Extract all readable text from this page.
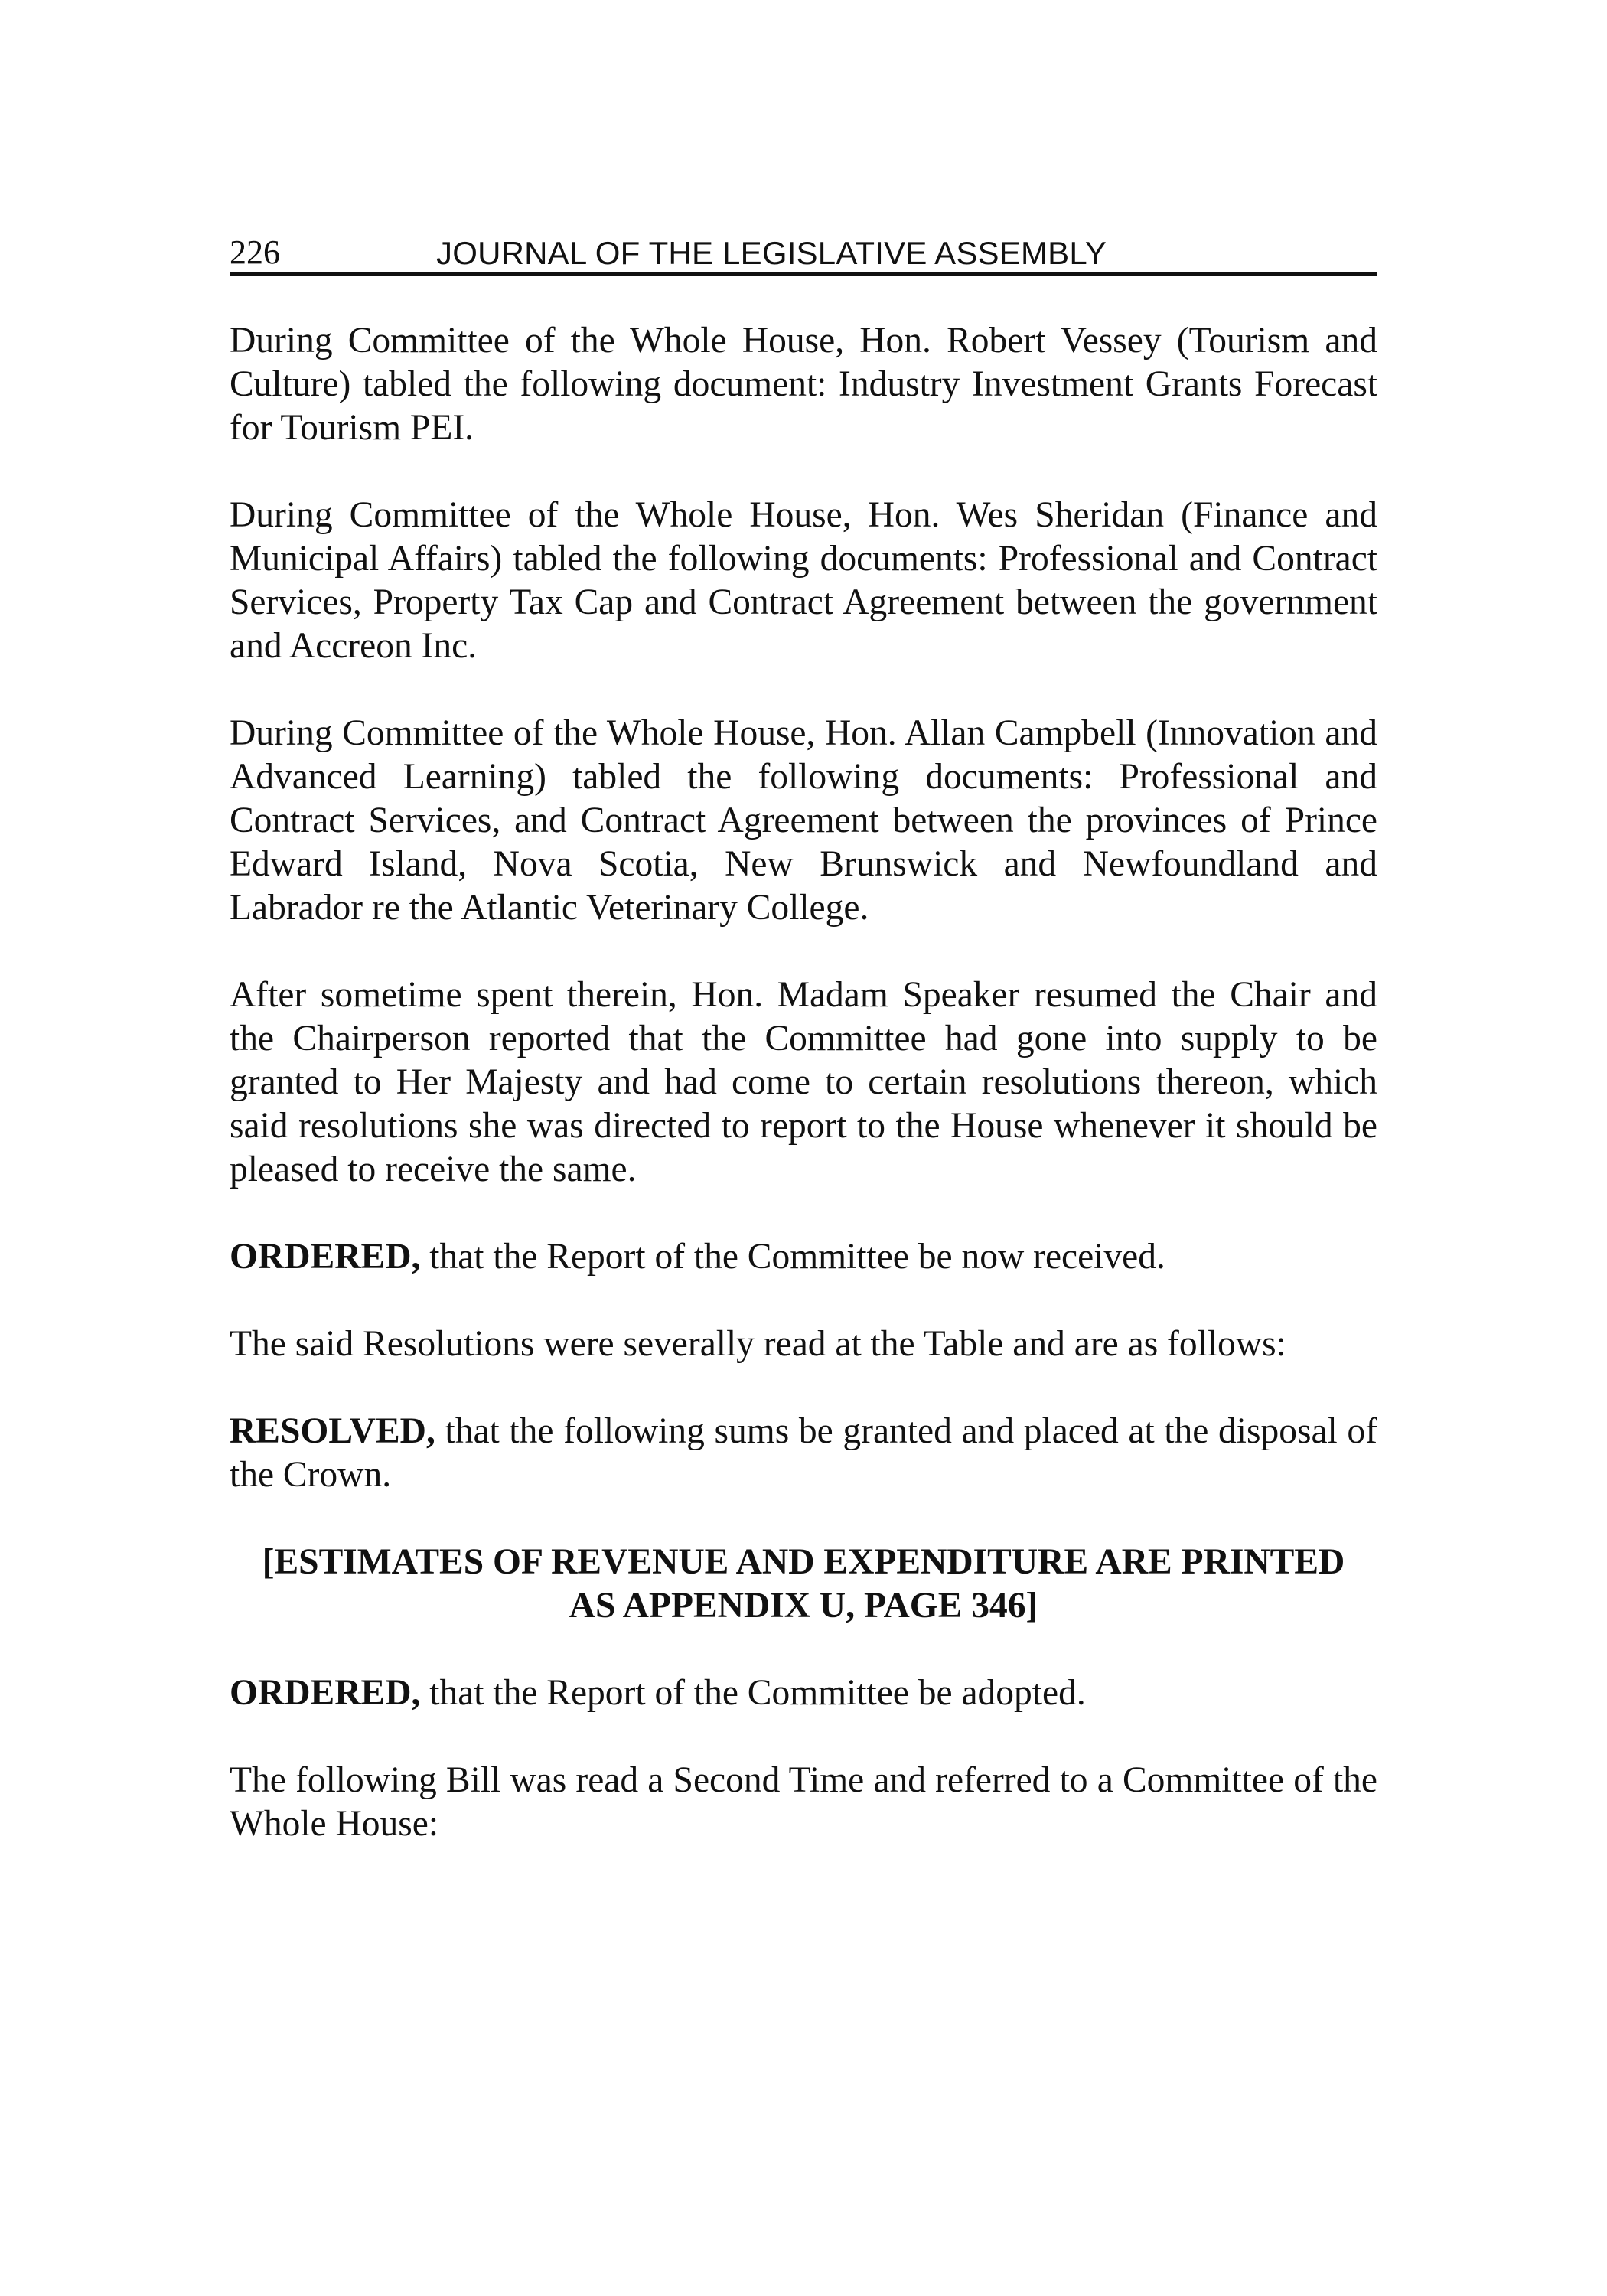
226	JOURNAL OF THE LEGISLATIVE ASSEMBLY

During Committee of the Whole House, Hon. Robert Vessey (Tourism and Culture) tabled the following document: Industry Investment Grants Forecast for Tourism PEI.

During Committee of the Whole House, Hon. Wes Sheridan (Finance and Municipal Affairs) tabled the following documents: Professional and Contract Services, Property Tax Cap and Contract Agreement between the government and Accreon Inc.

During Committee of the Whole House, Hon. Allan Campbell (Innovation and Advanced Learning) tabled the following documents: Professional and Contract Services, and Contract Agreement between the provinces of Prince Edward Island, Nova Scotia, New Brunswick and Newfoundland and Labrador re the Atlantic Veterinary College.

After sometime spent therein, Hon. Madam Speaker resumed the Chair and the Chairperson reported that the Committee had gone into supply to be granted to Her Majesty and had come to certain resolutions thereon, which said resolutions she was directed to report to the House whenever it should be pleased to receive the same.

ORDERED, that the Report of the Committee be now received.

The said Resolutions were severally read at the Table and are as follows:

RESOLVED, that the following sums be granted and placed at the disposal of the Crown.

[ESTIMATES OF REVENUE AND EXPENDITURE ARE PRINTED
AS APPENDIX U, PAGE 346]

ORDERED, that the Report of the Committee be adopted.

The following Bill was read a Second Time and referred to a Committee of the Whole House:
